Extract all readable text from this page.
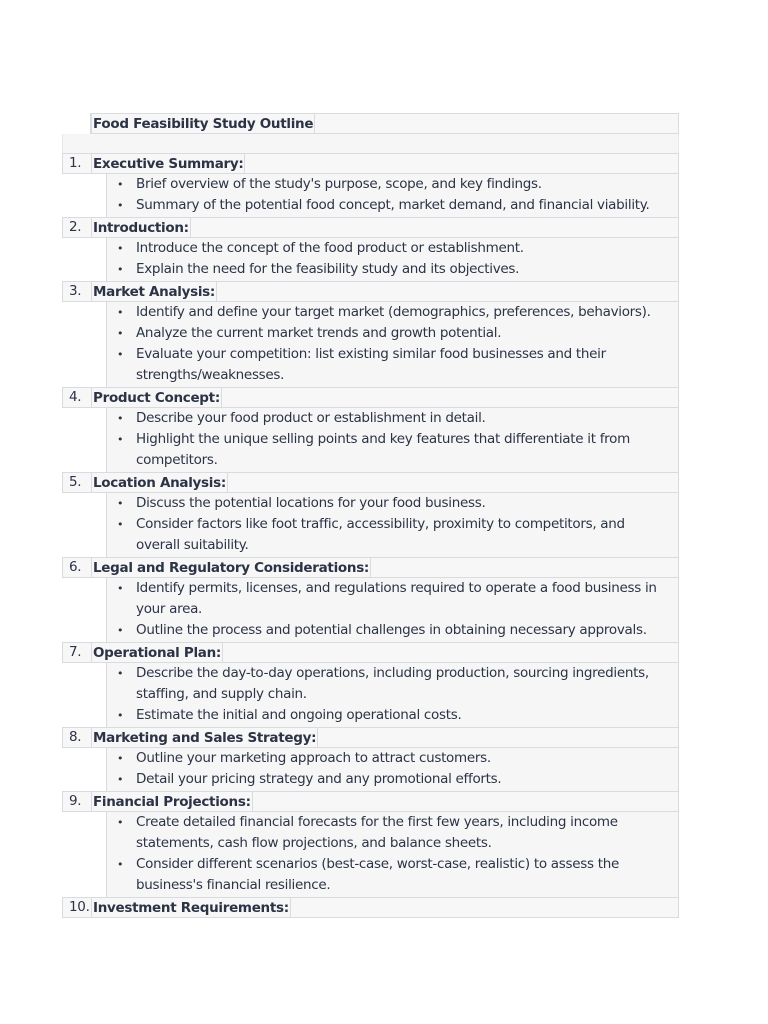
Food Feasibility Study Outline
1. Executive Summary:
• Brief overview of the study's purpose, scope, and key findings.
• Summary of the potential food concept, market demand, and financial viability.
2. Introduction:
• Introduce the concept of the food product or establishment.
• Explain the need for the feasibility study and its objectives.
3. Market Analysis:
• Identify and define your target market (demographics, preferences, behaviors).
• Analyze the current market trends and growth potential.
• Evaluate your competition: list existing similar food businesses and their strengths/weaknesses.
4. Product Concept:
• Describe your food product or establishment in detail.
• Highlight the unique selling points and key features that differentiate it from competitors.
5. Location Analysis:
• Discuss the potential locations for your food business.
• Consider factors like foot traffic, accessibility, proximity to competitors, and overall suitability.
6. Legal and Regulatory Considerations:
• Identify permits, licenses, and regulations required to operate a food business in your area.
• Outline the process and potential challenges in obtaining necessary approvals.
7. Operational Plan:
• Describe the day-to-day operations, including production, sourcing ingredients, staffing, and supply chain.
• Estimate the initial and ongoing operational costs.
8. Marketing and Sales Strategy:
• Outline your marketing approach to attract customers.
• Detail your pricing strategy and any promotional efforts.
9. Financial Projections:
• Create detailed financial forecasts for the first few years, including income statements, cash flow projections, and balance sheets.
• Consider different scenarios (best-case, worst-case, realistic) to assess the business's financial resilience.
10. Investment Requirements:
